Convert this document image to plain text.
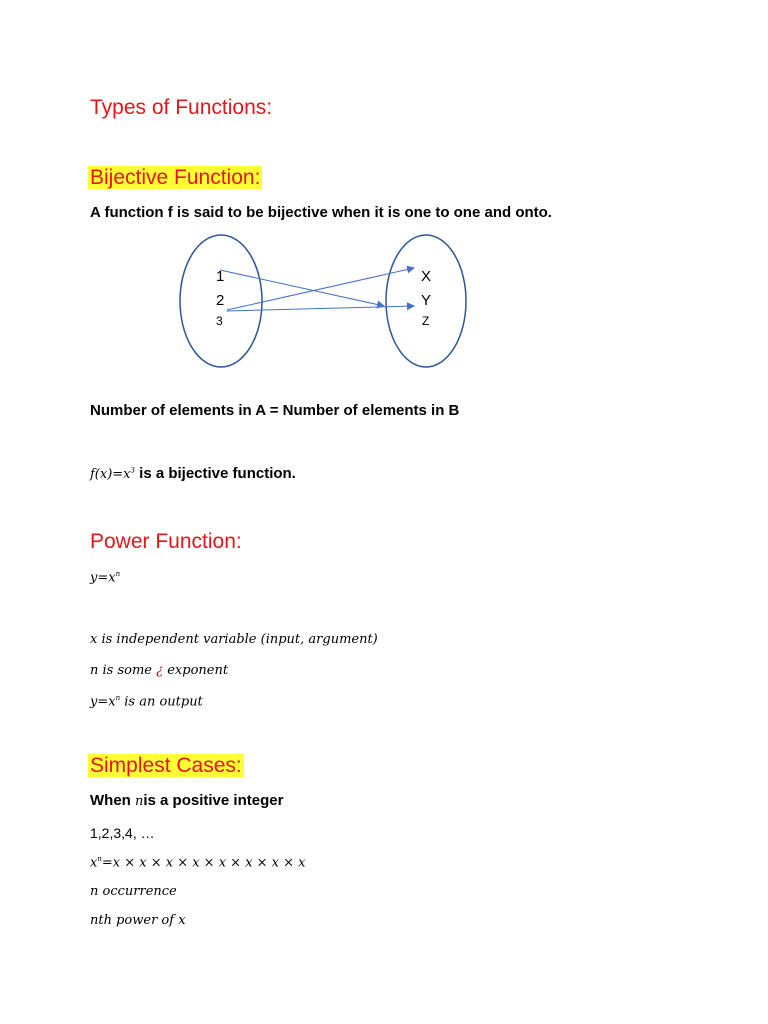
Types of Functions:
Bijective Function:
A function f is said to be bijective when it is one to one and onto.
1
2
3
X
Y
Z
Number of elements in A = Number of elements in B
$f(x)=x^3$ is a bijective function.
Power Function:
$y=x^n$
x is independent variable (input, argument)
n is some ¿ exponent
$y=x^n$ is an output
Simplest Cases:
When nis a positive integer
1,2,3,4, …
$x^n=x \times x \times x \times x \times x \times x \times x \times x$
n occurrence
nth power of x
